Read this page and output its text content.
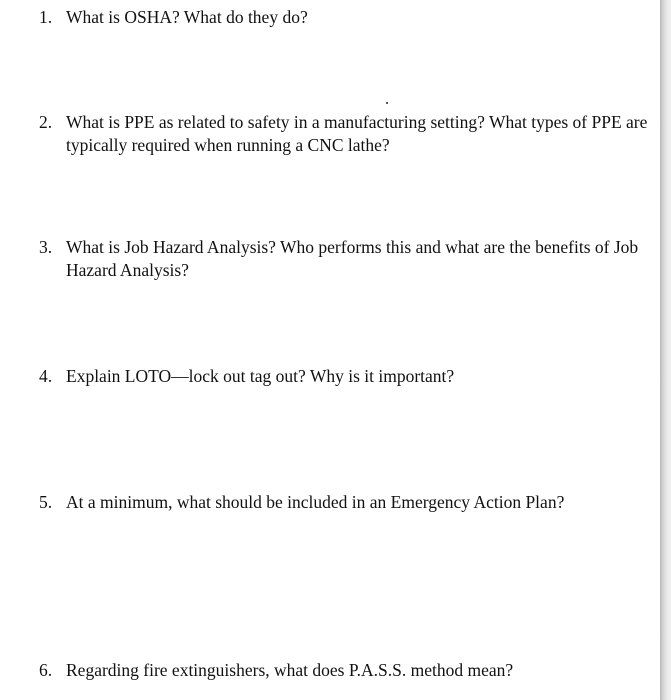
1. What is OSHA? What do they do?
2. What is PPE as related to safety in a manufacturing setting? What types of PPE are typically required when running a CNC lathe?
3. What is Job Hazard Analysis? Who performs this and what are the benefits of Job Hazard Analysis?
4. Explain LOTO—lock out tag out? Why is it important?
5. At a minimum, what should be included in an Emergency Action Plan?
6. Regarding fire extinguishers, what does P.A.S.S. method mean?
